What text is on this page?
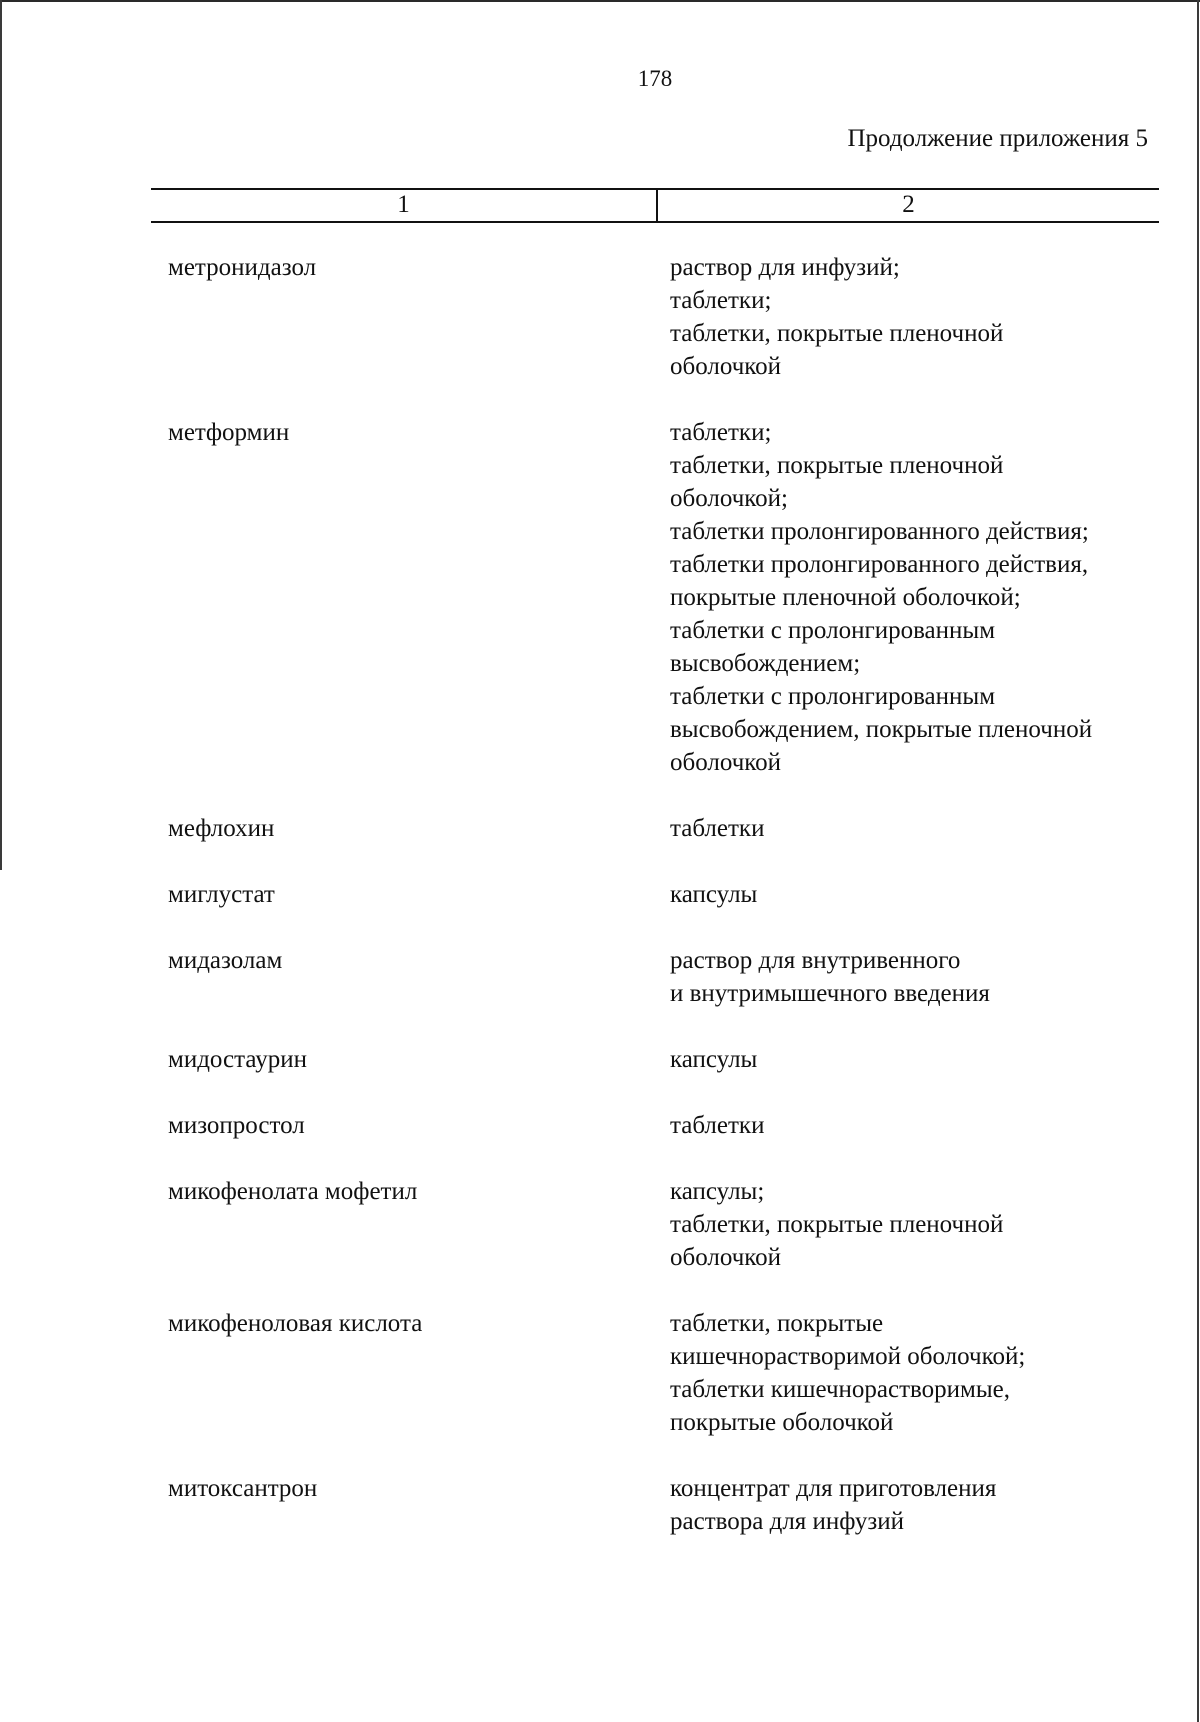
178
Продолжение приложения 5
1	2
метронидазол	раствор для инфузий;
таблетки;
таблетки, покрытые пленочной
оболочкой
метформин	таблетки;
таблетки, покрытые пленочной
оболочкой;
таблетки пролонгированного действия;
таблетки пролонгированного действия,
покрытые пленочной оболочкой;
таблетки с пролонгированным
высвобождением;
таблетки с пролонгированным
высвобождением, покрытые пленочной
оболочкой
мефлохин	таблетки
миглустат	капсулы
мидазолам	раствор для внутривенного
и внутримышечного введения
мидостаурин	капсулы
мизопростол	таблетки
микофенолата мофетил	капсулы;
таблетки, покрытые пленочной
оболочкой
микофеноловая кислота	таблетки, покрытые
кишечнорастворимой оболочкой;
таблетки кишечнорастворимые,
покрытые оболочкой
митоксантрон	концентрат для приготовления
раствора для инфузий
